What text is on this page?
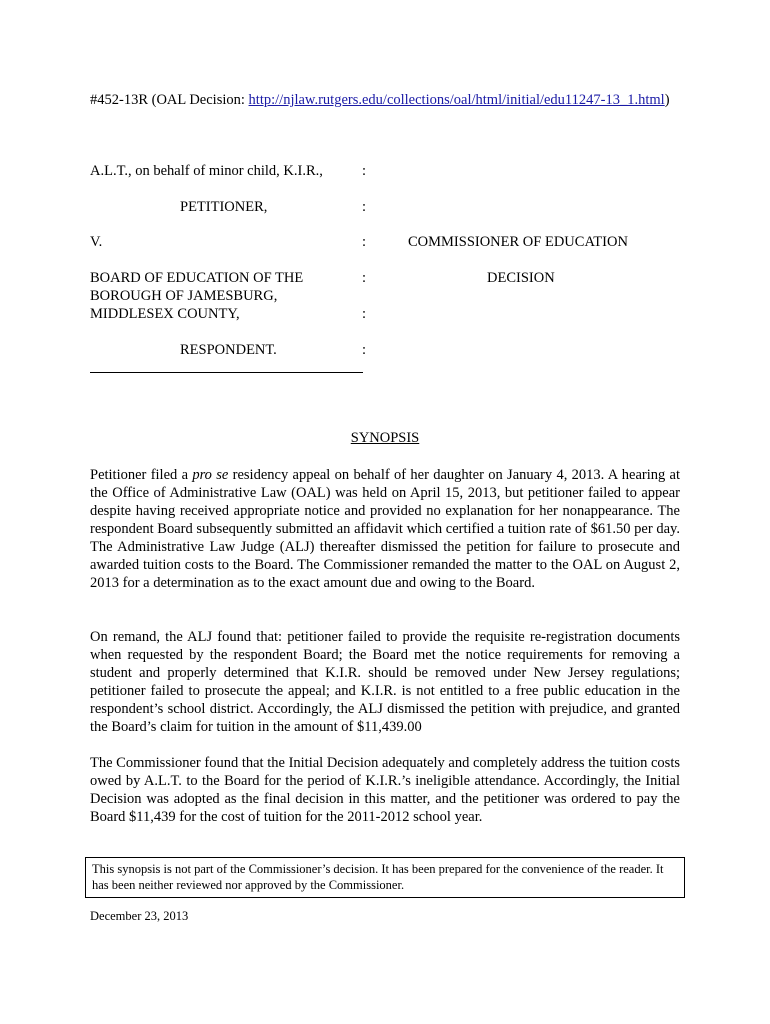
#452-13R (OAL Decision: http://njlaw.rutgers.edu/collections/oal/html/initial/edu11247-13_1.html)
A.L.T., on behalf of minor child, K.I.R.,	:
PETITIONER,	:
V.	:	COMMISSIONER OF EDUCATION
BOARD OF EDUCATION OF THE	:	DECISION
BOROUGH OF JAMESBURG,
MIDDLESEX COUNTY,	:
RESPONDENT.	:
SYNOPSIS

Petitioner filed a pro se residency appeal on behalf of her daughter on January 4, 2013. A hearing at the Office of Administrative Law (OAL) was held on April 15, 2013, but petitioner failed to appear despite having received appropriate notice and provided no explanation for her nonappearance. The respondent Board subsequently submitted an affidavit which certified a tuition rate of $61.50 per day. The Administrative Law Judge (ALJ) thereafter dismissed the petition for failure to prosecute and awarded tuition costs to the Board. The Commissioner remanded the matter to the OAL on August 2, 2013 for a determination as to the exact amount due and owing to the Board.

On remand, the ALJ found that: petitioner failed to provide the requisite re-registration documents when requested by the respondent Board; the Board met the notice requirements for removing a student and properly determined that K.I.R. should be removed under New Jersey regulations; petitioner failed to prosecute the appeal; and K.I.R. is not entitled to a free public education in the respondent’s school district. Accordingly, the ALJ dismissed the petition with prejudice, and granted the Board’s claim for tuition in the amount of $11,439.00

The Commissioner found that the Initial Decision adequately and completely address the tuition costs owed by A.L.T. to the Board for the period of K.I.R.’s ineligible attendance. Accordingly, the Initial Decision was adopted as the final decision in this matter, and the petitioner was ordered to pay the Board $11,439 for the cost of tuition for the 2011-2012 school year.

This synopsis is not part of the Commissioner’s decision. It has been prepared for the convenience of the reader. It has been neither reviewed nor approved by the Commissioner.
December 23, 2013
